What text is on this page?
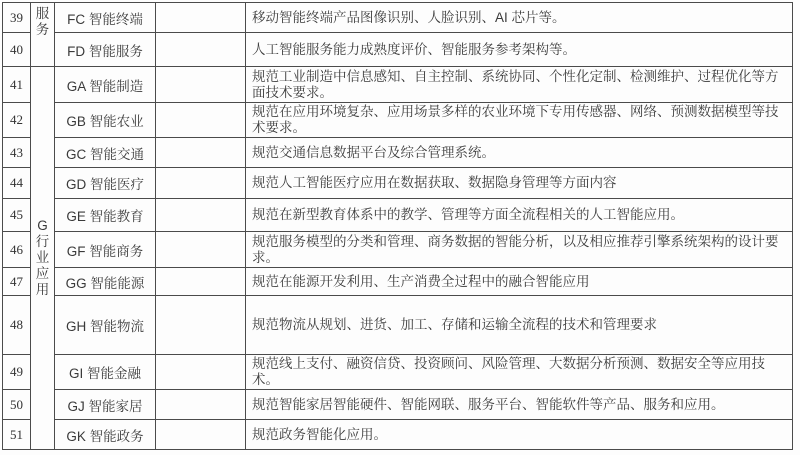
39	服务	FC 智能终端		移动智能终端产品图像识别、人脸识别、AI 芯片等。
40		FD 智能服务		人工智能服务能力成熟度评价、智能服务参考架构等。
41	G行业应用	GA 智能制造		规范工业制造中信息感知、自主控制、系统协同、个性化定制、检测维护、过程优化等方面技术要求。
42		GB 智能农业		规范在应用环境复杂、应用场景多样的农业环境下专用传感器、网络、预测数据模型等技术要求。
43		GC 智能交通		规范交通信息数据平台及综合管理系统。
44		GD 智能医疗		规范人工智能医疗应用在数据获取、数据隐身管理等方面内容
45		GE 智能教育		规范在新型教育体系中的教学、管理等方面全流程相关的人工智能应用。
46		GF 智能商务		规范服务模型的分类和管理、商务数据的智能分析，以及相应推荐引擎系统架构的设计要求。
47		GG 智能能源		规范在能源开发利用、生产消费全过程中的融合智能应用
48		GH 智能物流		规范物流从规划、进货、加工、存储和运输全流程的技术和管理要求
49		GI 智能金融		规范线上支付、融资信贷、投资顾问、风险管理、大数据分析预测、数据安全等应用技术。
50		GJ 智能家居		规范智能家居智能硬件、智能网联、服务平台、智能软件等产品、服务和应用。
51		GK 智能政务		规范政务智能化应用。
